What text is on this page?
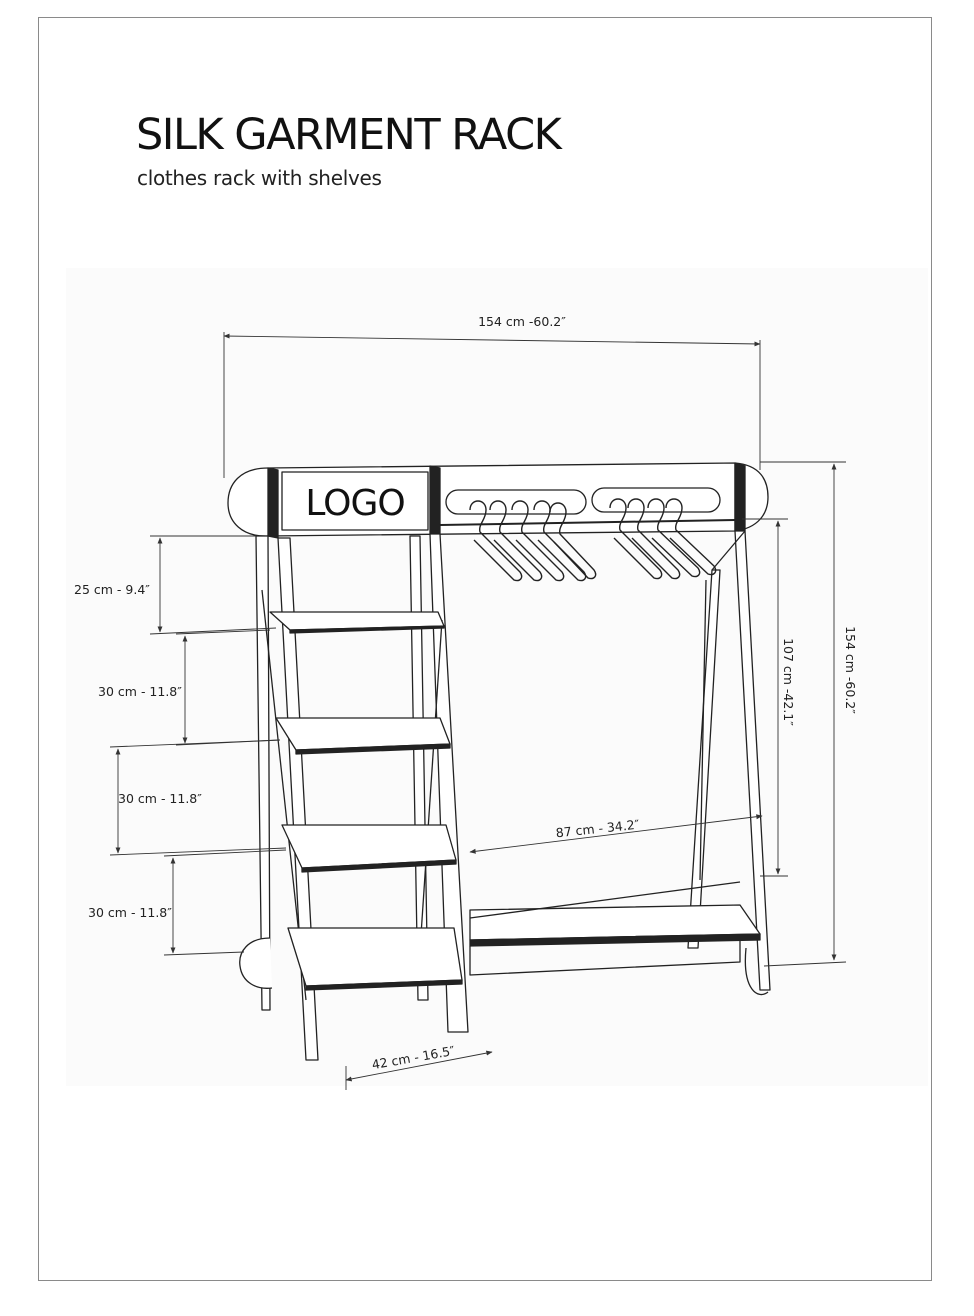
SILK GARMENT RACK
clothes rack with shelves
LOGO
154 cm -60.2″
154 cm -60.2″
107 cm -42.1″
87 cm - 34.2″
42 cm - 16.5″
25 cm - 9.4″
30 cm - 11.8″
30 cm - 11.8″
30 cm - 11.8″
